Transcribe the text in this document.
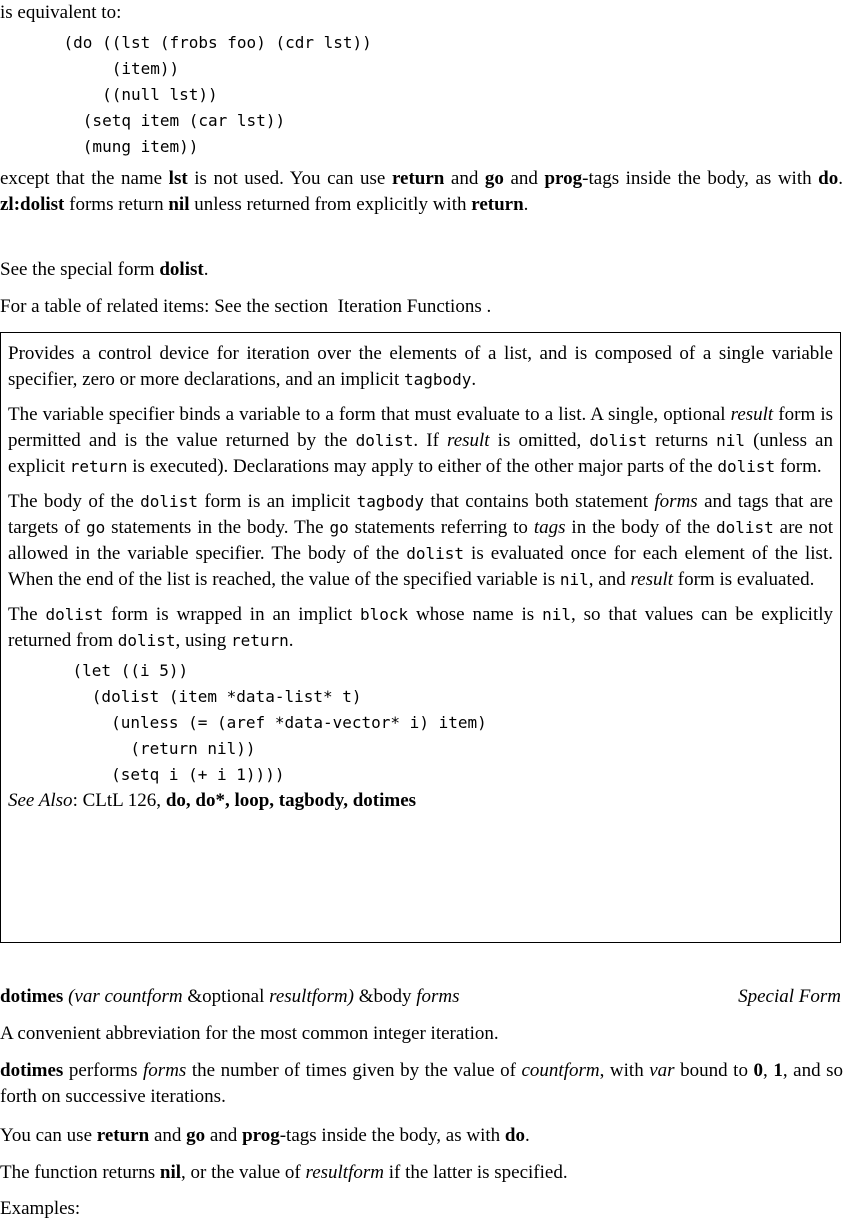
is equivalent to:

(do ((lst (frobs foo) (cdr lst))
(item))
((null lst))
(setq item (car lst))
(mung item))

except that the name lst is not used. You can use return and go and prog-tags inside the body, as with do. zl:dolist forms return nil unless returned from explicitly with return.

See the special form dolist.

For a table of related items: See the section  Iteration Functions .

Provides a control device for iteration over the elements of a list, and is composed of a single variable specifier, zero or more declarations, and an implicit tagbody.

The variable specifier binds a variable to a form that must evaluate to a list. A single, optional result form is permitted and is the value returned by the dolist. If result is omitted, dolist returns nil (unless an explicit return is executed). Declarations may apply to either of the other major parts of the dolist form.

The body of the dolist form is an implicit tagbody that contains both statement forms and tags that are targets of go statements in the body. The go statements referring to tags in the body of the dolist are not allowed in the variable specifier. The body of the dolist is evaluated once for each element of the list. When the end of the list is reached, the value of the specified variable is nil, and result form is evaluated.

The dolist form is wrapped in an implict block whose name is nil, so that values can be explicitly returned from dolist, using return.

(let ((i 5))
(dolist (item *data-list* t)
(unless (= (aref *data-vector* i) item)
(return nil))
(setq i (+ i 1))))

See Also: CLtL 126, do, do*, loop, tagbody, dotimes

dotimes (var countform &optional resultform) &body forms	Special Form

A convenient abbreviation for the most common integer iteration.

dotimes performs forms the number of times given by the value of countform, with var bound to 0, 1, and so forth on successive iterations.

You can use return and go and prog-tags inside the body, as with do.

The function returns nil, or the value of resultform if the latter is specified.

Examples:
